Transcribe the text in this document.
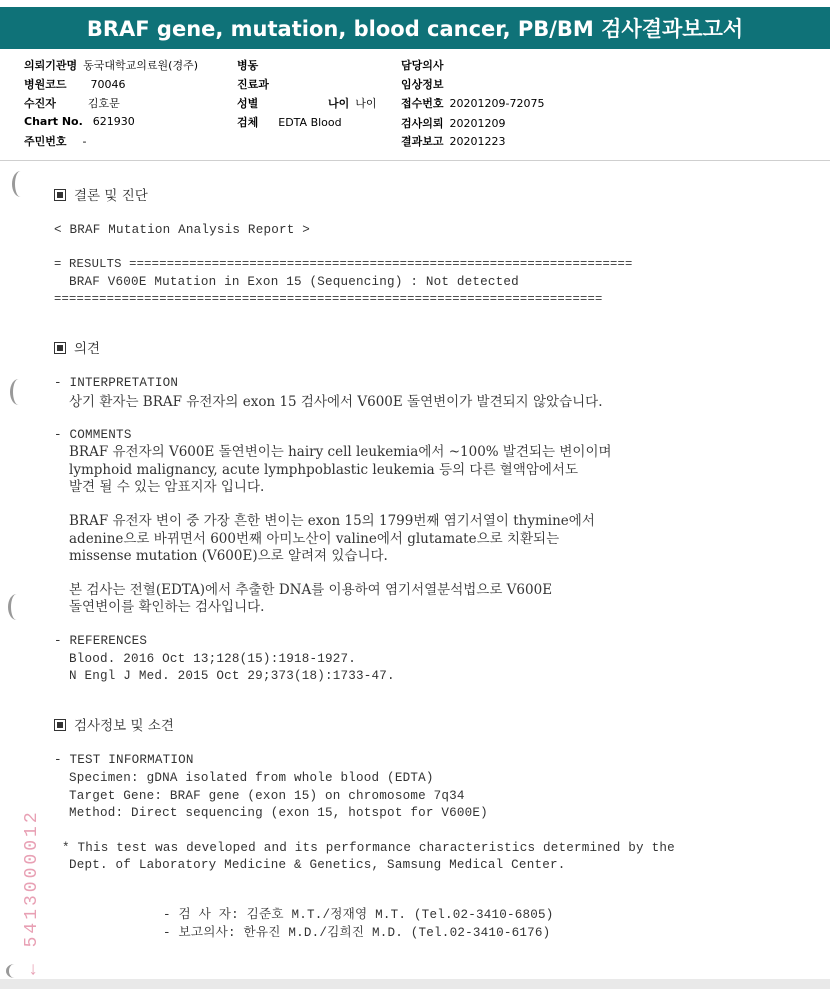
BRAF gene, mutation, blood cancer, PB/BM 검사결과보고서
의뢰기관명 동국대학교의료원(경주)
병원코드 70046
수진자	김호문
Chart No. 621930
주민번호 -
병동
진료과
성별	나이 나이
검체 EDTA Blood
담당의사
임상정보
접수번호 20201209-72075
검사의뢰 20201209
결과보고 20201223
결론 및 진단
< BRAF Mutation Analysis Report >
= RESULTS ===================================================================
BRAF V600E Mutation in Exon 15 (Sequencing) : Not detected
=========================================================================
의견
- INTERPRETATION
상기 환자는 BRAF 유전자의 exon 15 검사에서 V600E 돌연변이가 발견되지 않았습니다.
- COMMENTS
BRAF 유전자의 V600E 돌연변이는 hairy cell leukemia에서 ~100% 발견되는 변이이며
lymphoid malignancy, acute lymphpoblastic leukemia 등의 다른 혈액암에서도
발견 될 수 있는 암표지자 입니다.
BRAF 유전자 변이 중 가장 흔한 변이는 exon 15의 1799번째 염기서열이 thymine에서
adenine으로 바뀌면서 600번째 아미노산이 valine에서 glutamate으로 치환되는
missense mutation (V600E)으로 알려져 있습니다.
본 검사는 전혈(EDTA)에서 추출한 DNA를 이용하여 염기서열분석법으로 V600E
돌연변이를 확인하는 검사입니다.
- REFERENCES
Blood. 2016 Oct 13;128(15):1918-1927.
N Engl J Med. 2015 Oct 29;373(18):1733-47.
검사정보 및 소견
- TEST INFORMATION
Specimen: gDNA isolated from whole blood (EDTA)
Target Gene: BRAF gene (exon 15) on chromosome 7q34
Method: Direct sequencing (exon 15, hotspot for V600E)
* This test was developed and its performance characteristics determined by the
Dept. of Laboratory Medicine & Genetics, Samsung Medical Center.
- 검 사 자: 김준호 M.T./정재영 M.T. (Tel.02-3410-6805)
- 보고의사: 한유진 M.D./김희진 M.D. (Tel.02-3410-6176)
← 5413000012
